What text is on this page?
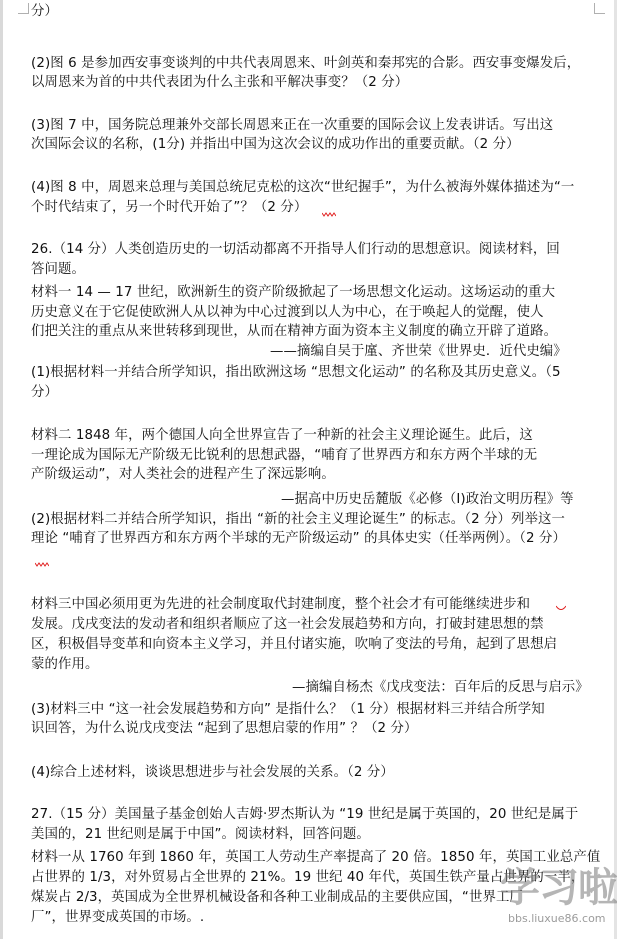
分）
(2)图 6 是参加西安事变谈判的中共代表周恩来、叶剑英和秦邦宪的合影。西安事变爆发后，
以周恩来为首的中共代表团为什么主张和平解决事变？（2 分）
(3)图 7 中，国务院总理兼外交部长周恩来正在一次重要的国际会议上发表讲话。写出这
次国际会议的名称，(1分) 并指出中国为这次会议的成功作出的重要贡献。（2 分）
(4)图 8 中，周恩来总理与美国总统尼克松的这次“世纪握手”，为什么被海外媒体描述为“一
个时代结束了，另一个时代开始了”？（2 分）
26.（14 分）人类创造历史的一切活动都离不开指导人们行动的思想意识。阅读材料，回
答问题。
材料一 14 — 17 世纪，欧洲新生的资产阶级掀起了一场思想文化运动。这场运动的重大
历史意义在于它促使欧洲人从以神为中心过渡到以人为中心，在于唤起人的觉醒，使人
们把关注的重点从来世转移到现世，从而在精神方面为资本主义制度的确立开辟了道路。
——摘编自吴于廑、齐世荣《世界史．近代史编》
(1)根据材料一并结合所学知识，指出欧洲这场 “思想文化运动” 的名称及其历史意义。（5
分）
材料二 1848 年，两个德国人向全世界宣告了一种新的社会主义理论诞生。此后，这
一理论成为国际无产阶级无比锐利的思想武器，“哺育了世界西方和东方两个半球的无
产阶级运动”，对人类社会的进程产生了深远影响。
—据高中历史岳麓版《必修（I)政治文明历程》等
(2)根据材料二并结合所学知识，指出 “新的社会主义理论诞生” 的标志。（2 分）列举这一
理论 “哺育了世界西方和东方两个半球的无产阶级运动” 的具体史实（任举两例）。（2 分）
材料三中国必须用更为先进的社会制度取代封建制度，整个社会才有可能继续进步和
发展。戊戌变法的发动者和组织者顺应了这一社会发展趋势和方向，打破封建思想的禁
区，积极倡导变革和向资本主义学习，并且付诸实施，吹响了变法的号角，起到了思想启
蒙的作用。
—摘编自杨杰《戊戌变法：百年后的反思与启示》
(3)材料三中 “这一社会发展趋势和方向” 是指什么？（1 分）根据材料三并结合所学知
识回答，为什么说戊戌变法 “起到了思想启蒙的作用” ？（2 分）
(4)综合上述材料，谈谈思想进步与社会发展的关系。（2 分）
27.（15 分）美国量子基金创始人吉姆·罗杰斯认为 “19 世纪是属于英国的，20 世纪是属于
美国的，21 世纪则是属于中国”。阅读材料，回答问题。
材料一从 1760 年到 1860 年，英国工人劳动生产率提高了 20 倍。1850 年，英国工业总产值
占世界的 1/3，对外贸易占全世界的 21%。19 世纪 40 年代，英国生铁产量占世界的一半，
煤炭占 2/3，英国成为全世界机械设备和各种工业制成品的主要供应国，“世界工厂
厂”，世界变成英国的市场。.
学习啦
bbs.liuxue86.com
